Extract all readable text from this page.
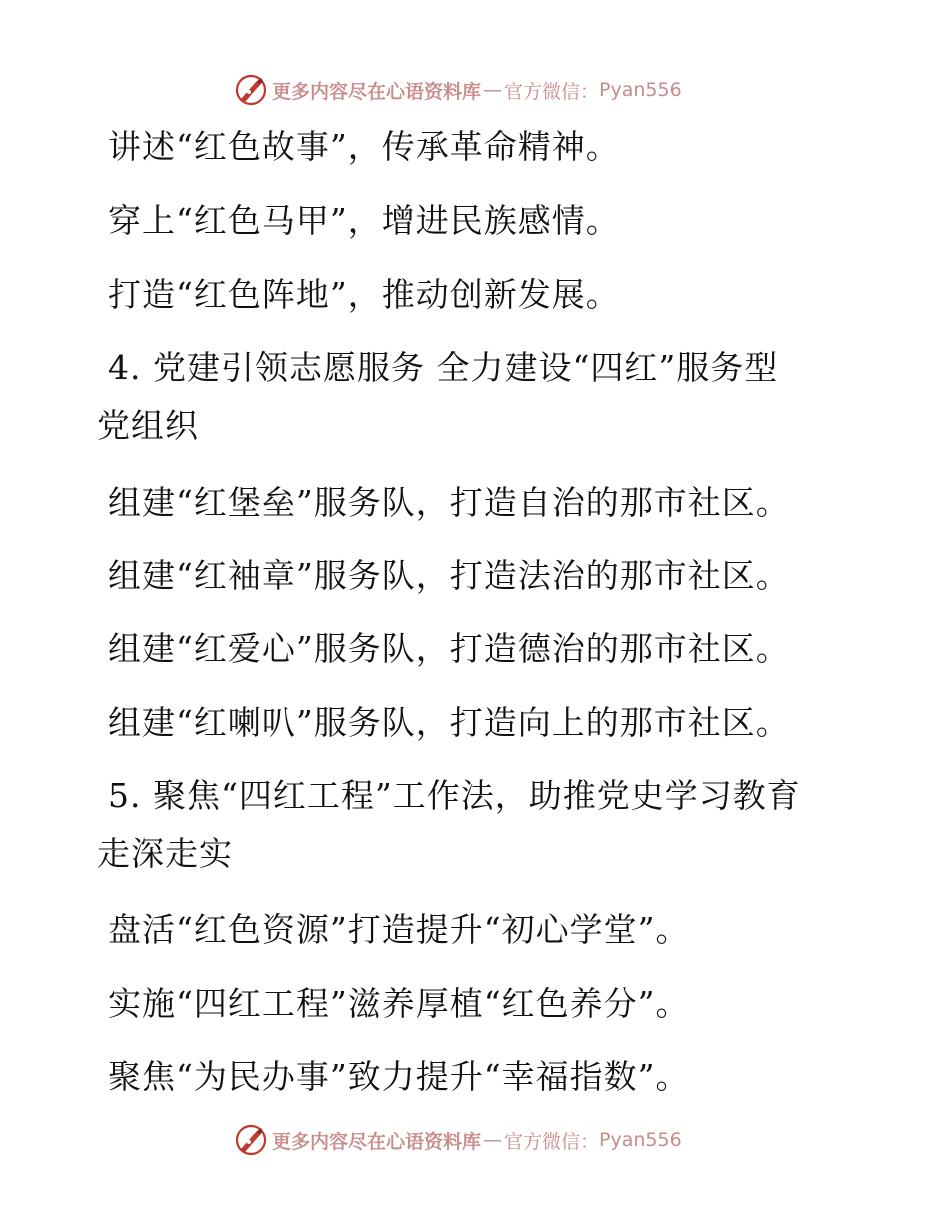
更多内容尽在心语资料库 — 官方微信： Pyan556
讲述“红色故事”，传承革命精神。
穿上“红色马甲”，增进民族感情。
打造“红色阵地”，推动创新发展。
4. 党建引领志愿服务 全力建设“四红”服务型
党组织
组建“红堡垒”服务队，打造自治的那市社区。
组建“红袖章”服务队，打造法治的那市社区。
组建“红爱心”服务队，打造德治的那市社区。
组建“红喇叭”服务队，打造向上的那市社区。
5. 聚焦“四红工程”工作法，助推党史学习教育
走深走实
盘活“红色资源”打造提升“初心学堂”。
实施“四红工程”滋养厚植“红色养分”。
聚焦“为民办事”致力提升“幸福指数”。
更多内容尽在心语资料库 — 官方微信： Pyan556
